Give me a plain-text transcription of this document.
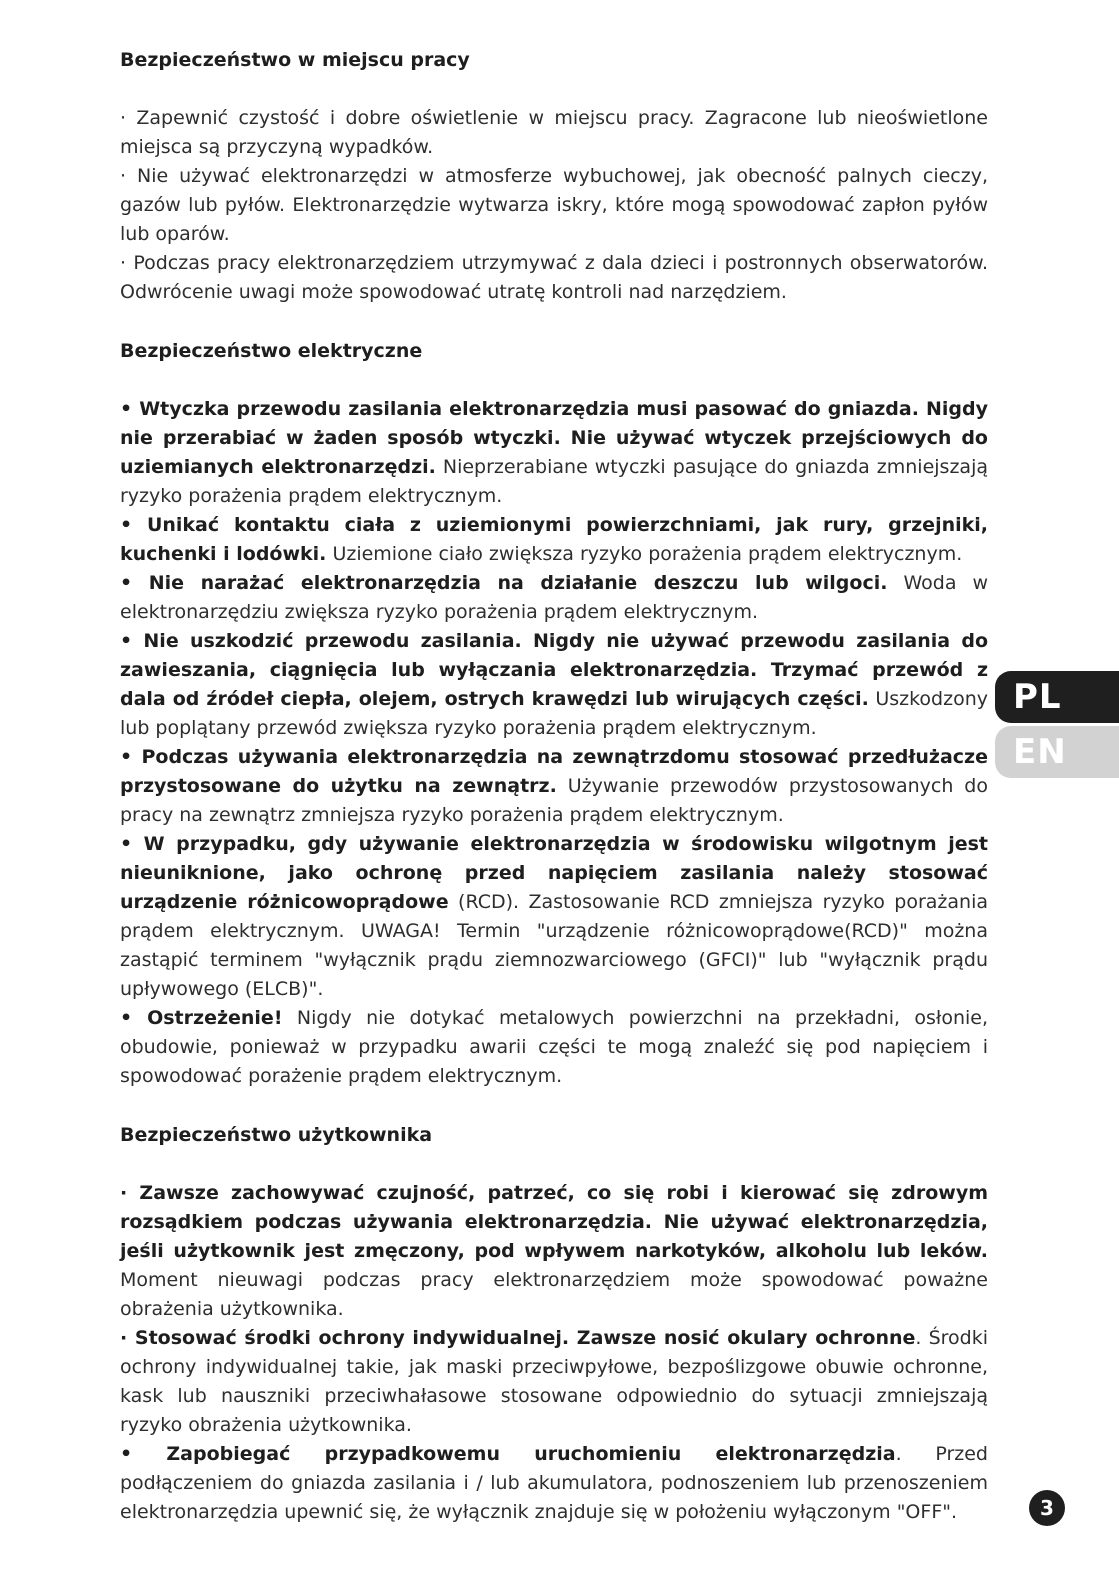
Bezpieczeństwo w miejscu pracy

· Zapewnić czystość i dobre oświetlenie w miejscu pracy. Zagracone lub nieoświetlone miejsca są przyczyną wypadków.

· Nie używać elektronarzędzi w atmosferze wybuchowej, jak obecność palnych cieczy, gazów lub pyłów. Elektronarzędzie wytwarza iskry, które mogą spowodować zapłon pyłów lub oparów.

· Podczas pracy elektronarzędziem utrzymywać z dala dzieci i postronnych obserwatorów. Odwrócenie uwagi może spowodować utratę kontroli nad narzędziem.

Bezpieczeństwo elektryczne

• Wtyczka przewodu zasilania elektronarzędzia musi pasować do gniazda. Nigdy nie przerabiać w żaden sposób wtyczki. Nie używać wtyczek przejściowych do uziemianych elektronarzędzi. Nieprzerabiane wtyczki pasujące do gniazda zmniejszają ryzyko porażenia prądem elektrycznym.

• Unikać kontaktu ciała z uziemionymi powierzchniami, jak rury, grzejniki, kuchenki i lodówki. Uziemione ciało zwiększa ryzyko porażenia prądem elektrycznym.

• Nie narażać elektronarzędzia na działanie deszczu lub wilgoci. Woda w elektronarzędziu zwiększa ryzyko porażenia prądem elektrycznym.

• Nie uszkodzić przewodu zasilania. Nigdy nie używać przewodu zasilania do zawieszania, ciągnięcia lub wyłączania elektronarzędzia. Trzymać przewód z dala od źródeł ciepła, olejem, ostrych krawędzi lub wirujących części. Uszkodzony lub poplątany przewód zwiększa ryzyko porażenia prądem elektrycznym.

• Podczas używania elektronarzędzia na zewnątrzdomu stosować przedłużacze przystosowane do użytku na zewnątrz. Używanie przewodów przystosowanych do pracy na zewnątrz zmniejsza ryzyko porażenia prądem elektrycznym.

• W przypadku, gdy używanie elektronarzędzia w środowisku wilgotnym jest nieuniknione, jako ochronę przed napięciem zasilania należy stosować urządzenie różnicowoprądowe (RCD). Zastosowanie RCD zmniejsza ryzyko porażania prądem elektrycznym. UWAGA! Termin "urządzenie różnicowoprądowe(RCD)" można zastąpić terminem "wyłącznik prądu ziemnozwarciowego (GFCI)" lub "wyłącznik prądu upływowego (ELCB)".

• Ostrzeżenie! Nigdy nie dotykać metalowych powierzchni na przekładni, osłonie, obudowie, ponieważ w przypadku awarii części te mogą znaleźć się pod napięciem i spowodować porażenie prądem elektrycznym.

Bezpieczeństwo użytkownika

· Zawsze zachowywać czujność, patrzeć, co się robi i kierować się zdrowym rozsądkiem podczas używania elektronarzędzia. Nie używać elektronarzędzia, jeśli użytkownik jest zmęczony, pod wpływem narkotyków, alkoholu lub leków. Moment nieuwagi podczas pracy elektronarzędziem może spowodować poważne obrażenia użytkownika.

· Stosować środki ochrony indywidualnej. Zawsze nosić okulary ochronne. Środki ochrony indywidualnej takie, jak maski przeciwpyłowe, bezpoślizgowe obuwie ochronne, kask lub nauszniki przeciwhałasowe stosowane odpowiednio do sytuacji zmniejszają ryzyko obrażenia użytkownika.

• Zapobiegać przypadkowemu uruchomieniu elektronarzędzia. Przed podłączeniem do gniazda zasilania i / lub akumulatora, podnoszeniem lub przenoszeniem elektronarzędzia upewnić się, że wyłącznik znajduje się w położeniu wyłączonym "OFF".

PL
EN
3
